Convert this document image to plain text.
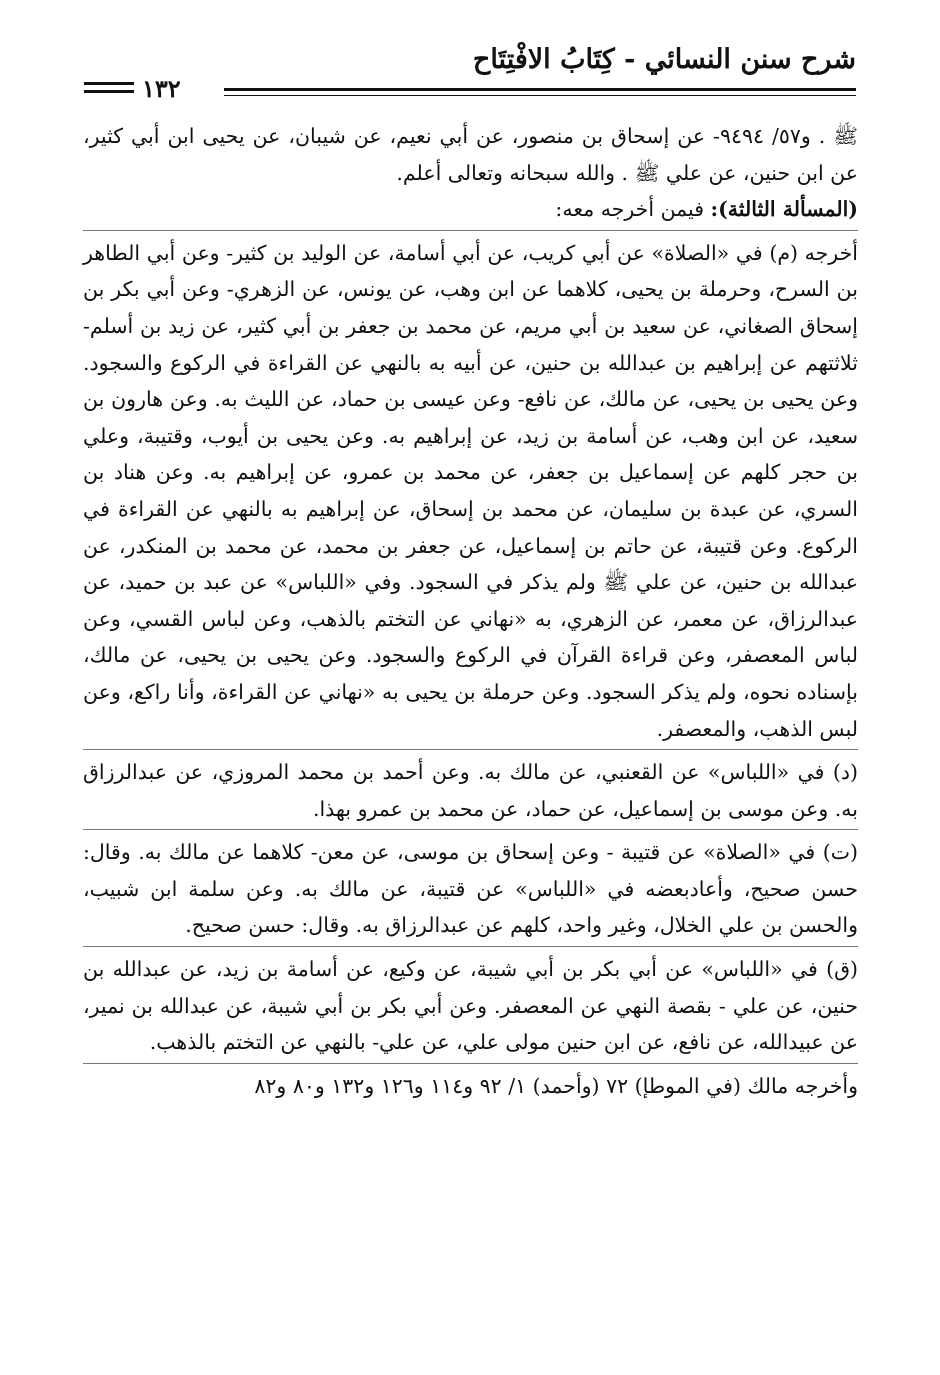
شرح سنن النسائي - كِتَابُ الافْتِتَاح
١٣٢

ﷺ . و٥٧/ ٩٤٩٤- عن إسحاق بن منصور، عن أبي نعيم، عن شيبان، عن يحيى ابن أبي كثير، عن ابن حنين، عن علي ﷺ . والله سبحانه وتعالى أعلم.

(المسألة الثالثة): فيمن أخرجه معه:

أخرجه (م) في «الصلاة» عن أبي كريب، عن أبي أسامة، عن الوليد بن كثير- وعن أبي الطاهر بن السرح، وحرملة بن يحيى، كلاهما عن ابن وهب، عن يونس، عن الزهري- وعن أبي بكر بن إسحاق الصغاني، عن سعيد بن أبي مريم، عن محمد بن جعفر بن أبي كثير، عن زيد بن أسلم- ثلاثتهم عن إبراهيم بن عبدالله بن حنين، عن أبيه به بالنهي عن القراءة في الركوع والسجود. وعن يحيى بن يحيى، عن مالك، عن نافع- وعن عيسى بن حماد، عن الليث به. وعن هارون بن سعيد، عن ابن وهب، عن أسامة بن زيد، عن إبراهيم به. وعن يحيى بن أيوب، وقتيبة، وعلي بن حجر كلهم عن إسماعيل بن جعفر، عن محمد بن عمرو، عن إبراهيم به. وعن هناد بن السري، عن عبدة بن سليمان، عن محمد بن إسحاق، عن إبراهيم به بالنهي عن القراءة في الركوع. وعن قتيبة، عن حاتم بن إسماعيل، عن جعفر بن محمد، عن محمد بن المنكدر، عن عبدالله بن حنين، عن علي ﷺ ولم يذكر في السجود. وفي «اللباس» عن عبد بن حميد، عن عبدالرزاق، عن معمر، عن الزهري، به «نهاني عن التختم بالذهب، وعن لباس القسي، وعن لباس المعصفر، وعن قراءة القرآن في الركوع والسجود. وعن يحيى بن يحيى، عن مالك، بإسناده نحوه، ولم يذكر السجود. وعن حرملة بن يحيى به «نهاني عن القراءة، وأنا راكع، وعن لبس الذهب، والمعصفر.

(د) في «اللباس» عن القعنبي، عن مالك به. وعن أحمد بن محمد المروزي، عن عبدالرزاق به. وعن موسى بن إسماعيل، عن حماد، عن محمد بن عمرو بهذا.

(ت) في «الصلاة» عن قتيبة - وعن إسحاق بن موسى، عن معن- كلاهما عن مالك به. وقال: حسن صحيح، وأعادبعضه في «اللباس» عن قتيبة، عن مالك به. وعن سلمة ابن شبيب، والحسن بن علي الخلال، وغير واحد، كلهم عن عبدالرزاق به. وقال: حسن صحيح.

(ق) في «اللباس» عن أبي بكر بن أبي شيبة، عن وكيع، عن أسامة بن زيد، عن عبدالله بن حنين، عن علي - بقصة النهي عن المعصفر. وعن أبي بكر بن أبي شيبة، عن عبدالله بن نمير، عن عبيدالله، عن نافع، عن ابن حنين مولى علي، عن علي- بالنهي عن التختم بالذهب.

وأخرجه مالك (في الموطإ) ٧٢ (وأحمد) ١/ ٩٢ و١١٤ و١٢٦ و١٣٢ و٨٠ و٨٢
